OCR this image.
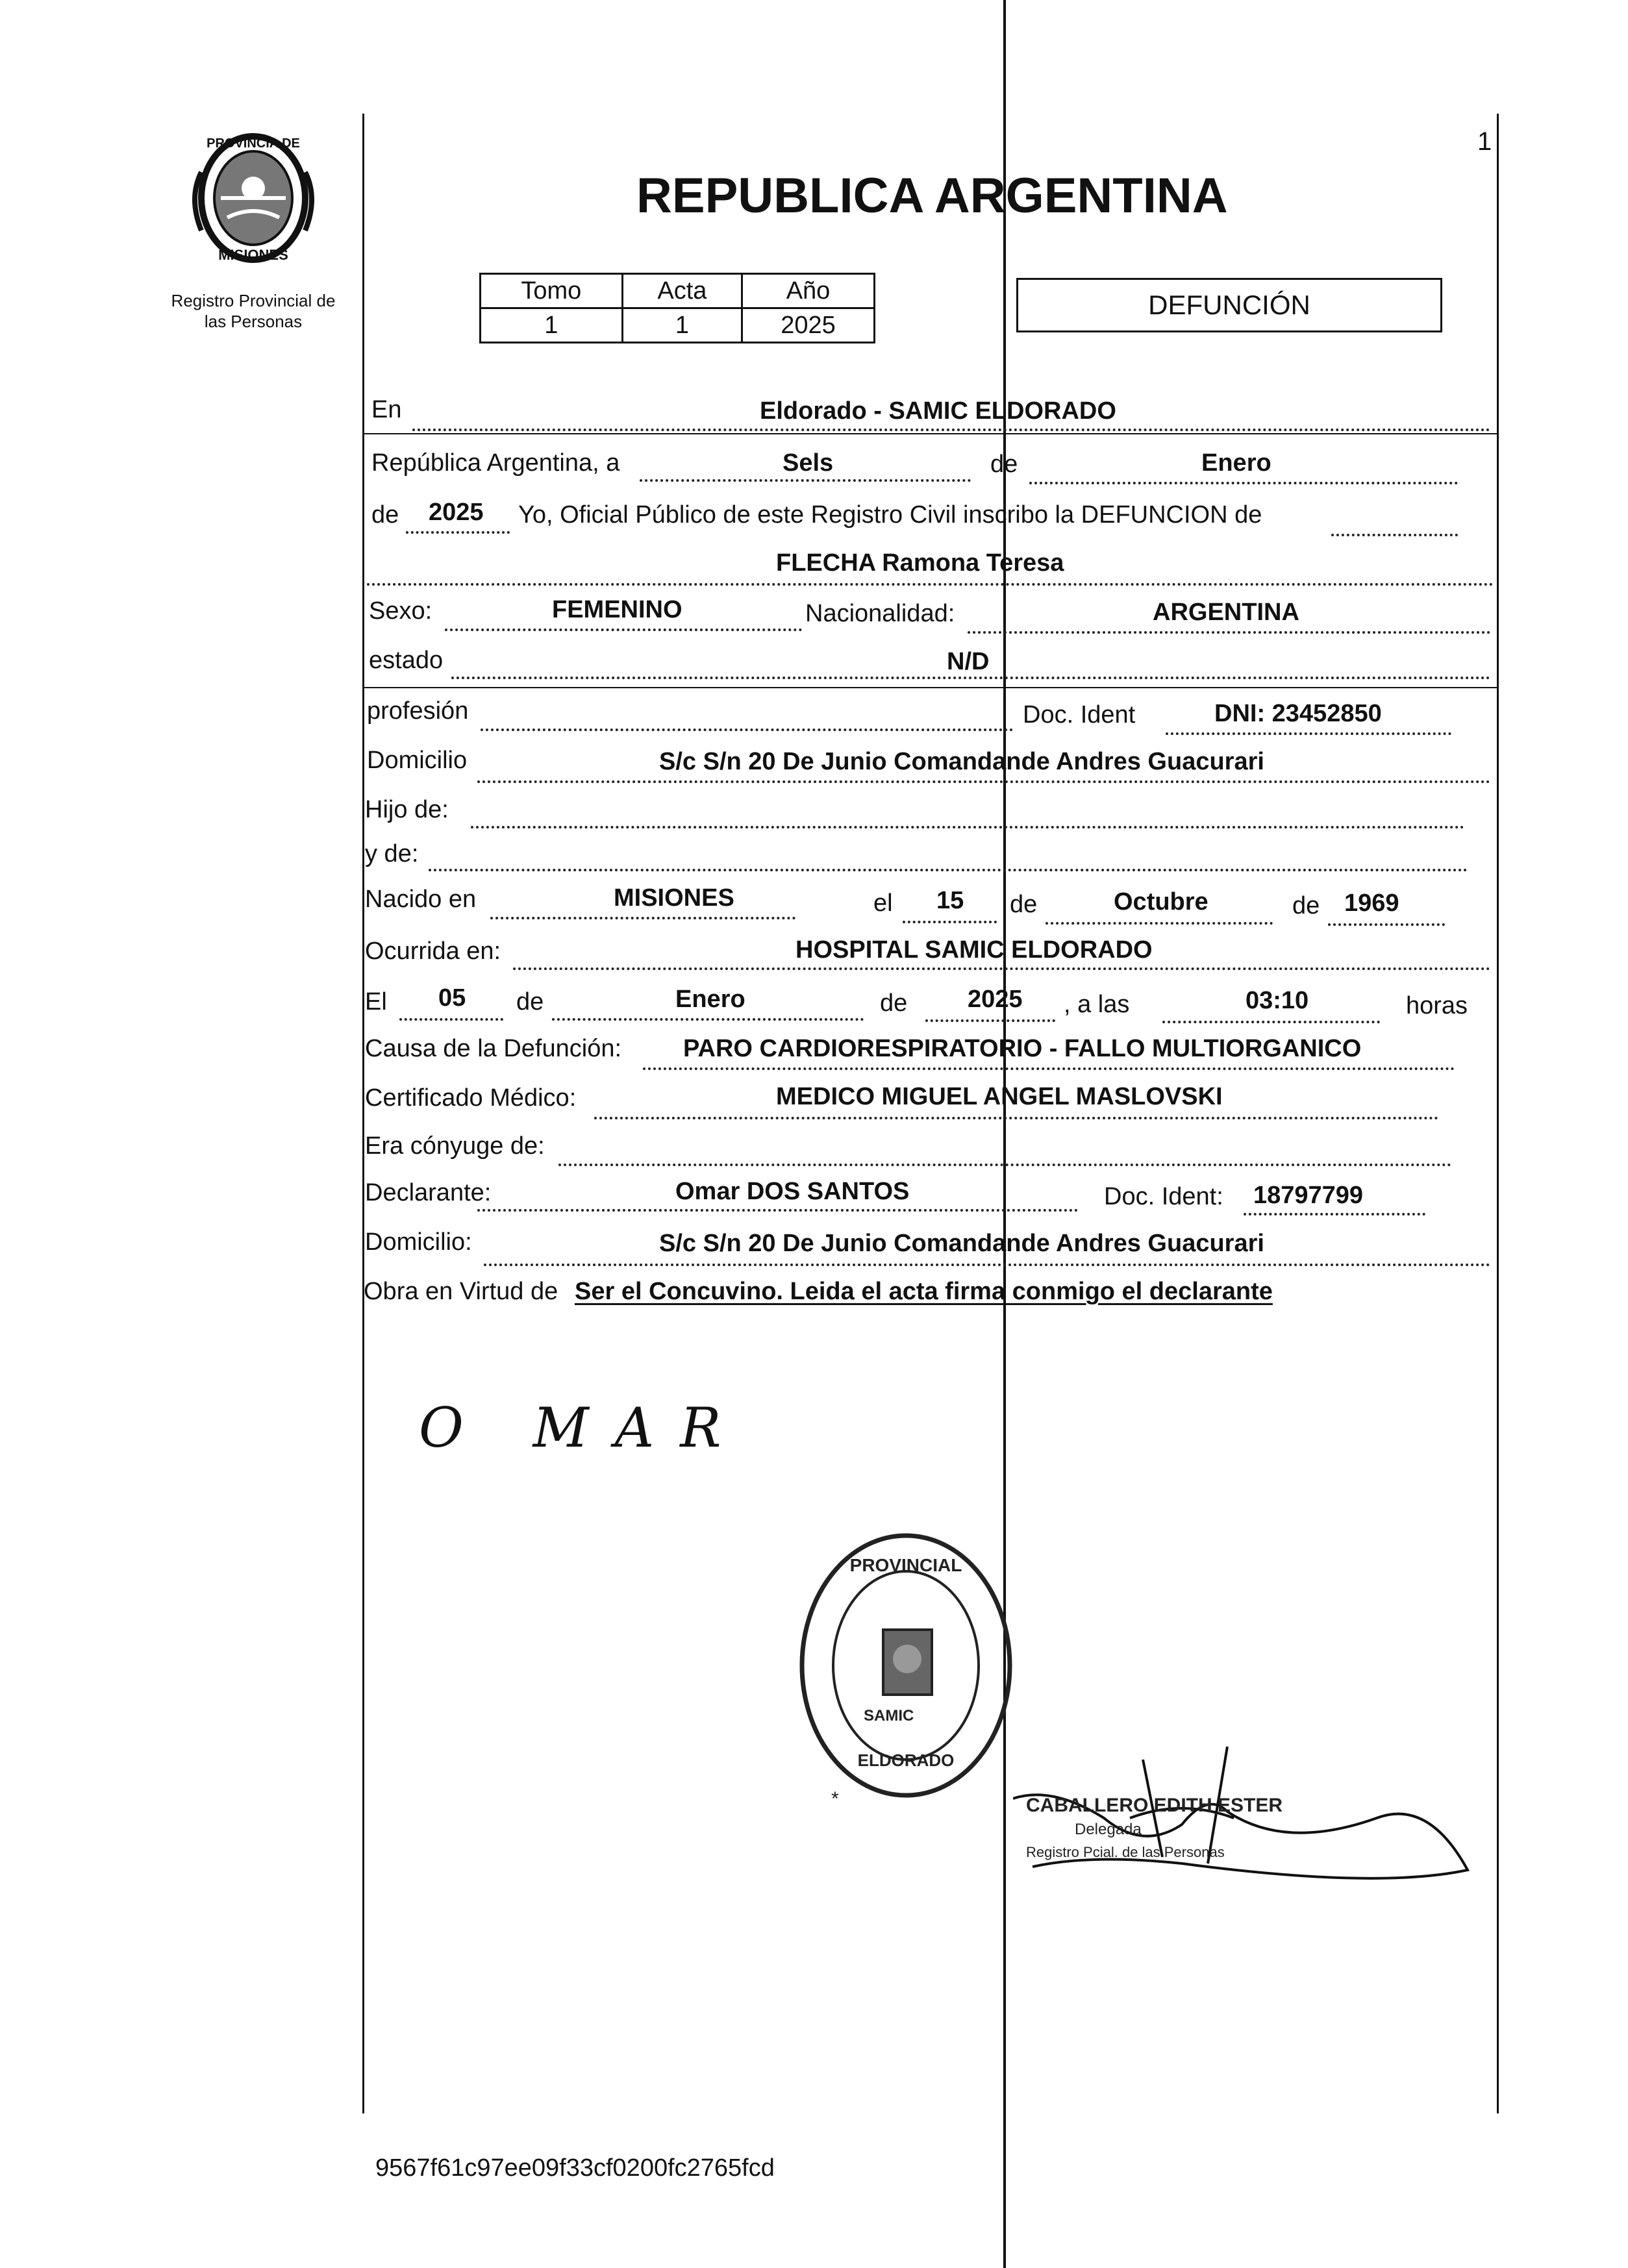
1
PROVINCIA DE
MISIONES
Registro Provincial de
las Personas
REPUBLICA ARGENTINA
Tomo	Acta	Año
1	1	2025
DEFUNCIÓN
En	Eldorado - SAMIC ELDORADO
República Argentina, a	Sels	de	Enero
de 2025 Yo, Oficial Público de este Registro Civil inscribo la DEFUNCION de
FLECHA Ramona Teresa
Sexo:	FEMENINO	Nacionalidad:	ARGENTINA
estado	N/D
profesión	Doc. Ident	DNI: 23452850
Domicilio	S/c S/n 20 De Junio Comandande Andres Guacurari
Hijo de:
y de:
Nacido en	MISIONES	el 15 de	Octubre	de 1969
Ocurrida en:	HOSPITAL SAMIC ELDORADO
El 05 de	Enero	de 2025 , a las	03:10	horas
Causa de la Defunción: PARO CARDIORESPIRATORIO - FALLO MULTIORGANICO
Certificado Médico:	MEDICO MIGUEL ANGEL MASLOVSKI
Era cónyuge de:
Declarante:	Omar DOS SANTOS	Doc. Ident: 18797799
Domicilio:	S/c S/n 20 De Junio Comandande Andres Guacurari
Obra en Virtud de Ser el Concuvino. Leida el acta firma conmigo el declarante
O MAR
PROVINCIAL
ELDORADO
SAMIC
*	CABALLERO EDITH ESTER
Delegada
Registro Pcial. de las Personas
9567f61c97ee09f33cf0200fc2765fcd
